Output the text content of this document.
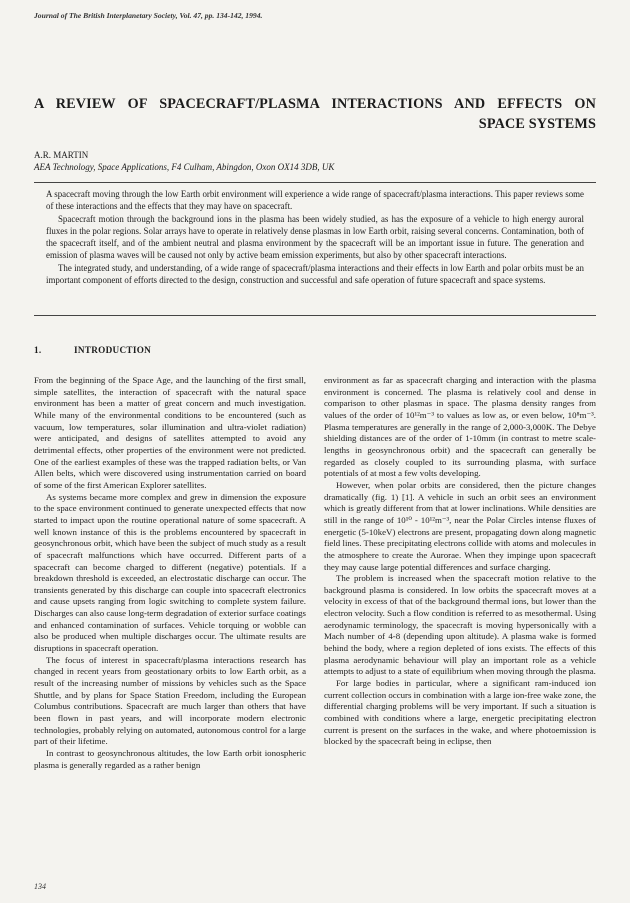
Journal of The British Interplanetary Society, Vol. 47, pp. 134-142, 1994.
A REVIEW OF SPACECRAFT/PLASMA INTERACTIONS AND EFFECTS ON
SPACE SYSTEMS
A.R. MARTIN
AEA Technology, Space Applications, F4 Culham, Abingdon, Oxon OX14 3DB, UK

A spacecraft moving through the low Earth orbit environment will experience a wide range of spacecraft/plasma interactions. This paper reviews some of these interactions and the effects that they may have on spacecraft.

Spacecraft motion through the background ions in the plasma has been widely studied, as has the exposure of a vehicle to high energy auroral fluxes in the polar regions. Solar arrays have to operate in relatively dense plasmas in low Earth orbit, raising several concerns. Contamination, both of the spacecraft itself, and of the ambient neutral and plasma environment by the spacecraft will be an important issue in future. The generation and emission of plasma waves will be caused not only by active beam emission experiments, but also by other spacecraft interactions.

The integrated study, and understanding, of a wide range of spacecraft/plasma interactions and their effects in low Earth and polar orbits must be an important component of efforts directed to the design, construction and successful and safe operation of future spacecraft and space systems.

1.	INTRODUCTION

From the beginning of the Space Age, and the launching of the first small, simple satellites, the interaction of spacecraft with the natural space environment has been a matter of great concern and much investigation. While many of the environmental conditions to be encountered (such as vacuum, low temperatures, solar illumination and ultra-violet radiation) were anticipated, and designs of satellites attempted to avoid any detrimental effects, other properties of the environment were not predicted. One of the earliest examples of these was the trapped radiation belts, or Van Allen belts, which were discovered using instrumentation carried on board of some of the first American Explorer satellites.

As systems became more complex and grew in dimension the exposure to the space environment continued to generate unexpected effects that now started to impact upon the routine operational nature of some spacecraft. A well known instance of this is the problems encountered by spacecraft in geosynchronous orbit, which have been the subject of much study as a result of spacecraft malfunctions which have occurred. Different parts of a spacecraft can become charged to different (negative) potentials. If a breakdown threshold is exceeded, an electrostatic discharge can occur. The transients generated by this discharge can couple into spacecraft electronics and cause upsets ranging from logic switching to complete system failure. Discharges can also cause long-term degradation of exterior surface coatings and enhanced contamination of surfaces. Vehicle torquing or wobble can also be produced when multiple discharges occur. The ultimate results are disruptions in spacecraft operation.

The focus of interest in spacecraft/plasma interactions research has changed in recent years from geostationary orbits to low Earth orbit, as a result of the increasing number of missions by vehicles such as the Space Shuttle, and by plans for Space Station Freedom, including the European Columbus contributions. Spacecraft are much larger than others that have been flown in past years, and will incorporate modern electronic technologies, probably relying on automated, autonomous control for a large part of their lifetime.

In contrast to geosynchronous altitudes, the low Earth orbit ionospheric plasma is generally regarded as a rather benign

environment as far as spacecraft charging and interaction with the plasma environment is concerned. The plasma is relatively cool and dense in comparison to other plasmas in space. The plasma density ranges from values of the order of 10¹²m⁻³ to values as low as, or even below, 10⁸m⁻³. Plasma temperatures are generally in the range of 2,000-3,000K. The Debye shielding distances are of the order of 1-10mm (in contrast to metre scale-lengths in geosynchronous orbit) and the spacecraft can generally be regarded as closely coupled to its surrounding plasma, with surface potentials of at most a few volts developing.

However, when polar orbits are considered, then the picture changes dramatically (fig. 1) [1]. A vehicle in such an orbit sees an environment which is greatly different from that at lower inclinations. While densities are still in the range of 10¹⁰ - 10¹²m⁻³, near the Polar Circles intense fluxes of energetic (5-10keV) electrons are present, propagating down along magnetic field lines. These precipitating electrons collide with atoms and molecules in the atmosphere to create the Aurorae. When they impinge upon spacecraft they may cause large potential differences and surface charging.

The problem is increased when the spacecraft motion relative to the background plasma is considered. In low orbits the spacecraft moves at a velocity in excess of that of the background thermal ions, but lower than the electron velocity. Such a flow condition is referred to as mesothermal. Using aerodynamic terminology, the spacecraft is moving hypersonically with a Mach number of 4-8 (depending upon altitude). A plasma wake is formed behind the body, where a region depleted of ions exists. The effects of this plasma aerodynamic behaviour will play an important role as a vehicle attempts to adjust to a state of equilibrium when moving through the plasma.

For large bodies in particular, where a significant ram-induced ion current collection occurs in combination with a large ion-free wake zone, the differential charging problems will be very important. If such a situation is combined with conditions where a large, energetic precipitating electron current is present on the surfaces in the wake, and where photoemission is blocked by the spacecraft being in eclipse, then

134
